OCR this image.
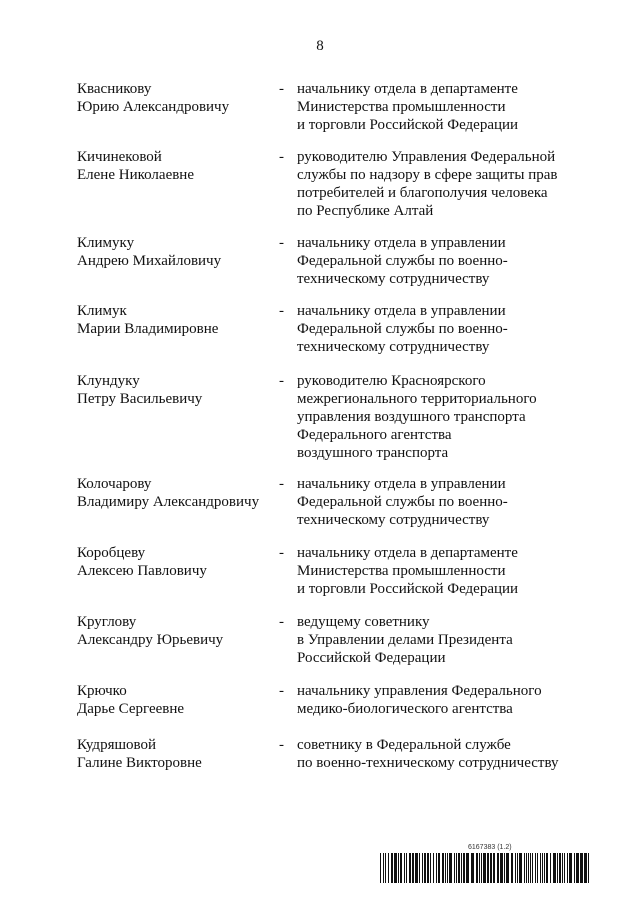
8
Квасникову
Юрию Александровичу
- начальнику отдела в департаменте
Министерства промышленности
и торговли Российской Федерации
Кичинековой
Елене Николаевне
- руководителю Управления Федеральной
службы по надзору в сфере защиты прав
потребителей и благополучия человека
по Республике Алтай
Климуку
Андрею Михайловичу
- начальнику отдела в управлении
Федеральной службы по военно-
техническому сотрудничеству
Климук
Марии Владимировне
- начальнику отдела в управлении
Федеральной службы по военно-
техническому сотрудничеству
Клундуку
Петру Васильевичу
- руководителю Красноярского
межрегионального территориального
управления воздушного транспорта
Федерального агентства
воздушного транспорта
Колочарову
Владимиру Александровичу
- начальнику отдела в управлении
Федеральной службы по военно-
техническому сотрудничеству
Коробцеву
Алексею Павловичу
- начальнику отдела в департаменте
Министерства промышленности
и торговли Российской Федерации
Круглову
Александру Юрьевичу
- ведущему советнику
в Управлении делами Президента
Российской Федерации
Крючко
Дарье Сергеевне
- начальнику управления Федерального
медико-биологического агентства
Кудряшовой
Галине Викторовне
- советнику в Федеральной службе
по военно-техническому сотрудничеству
6167383 (1.2)
